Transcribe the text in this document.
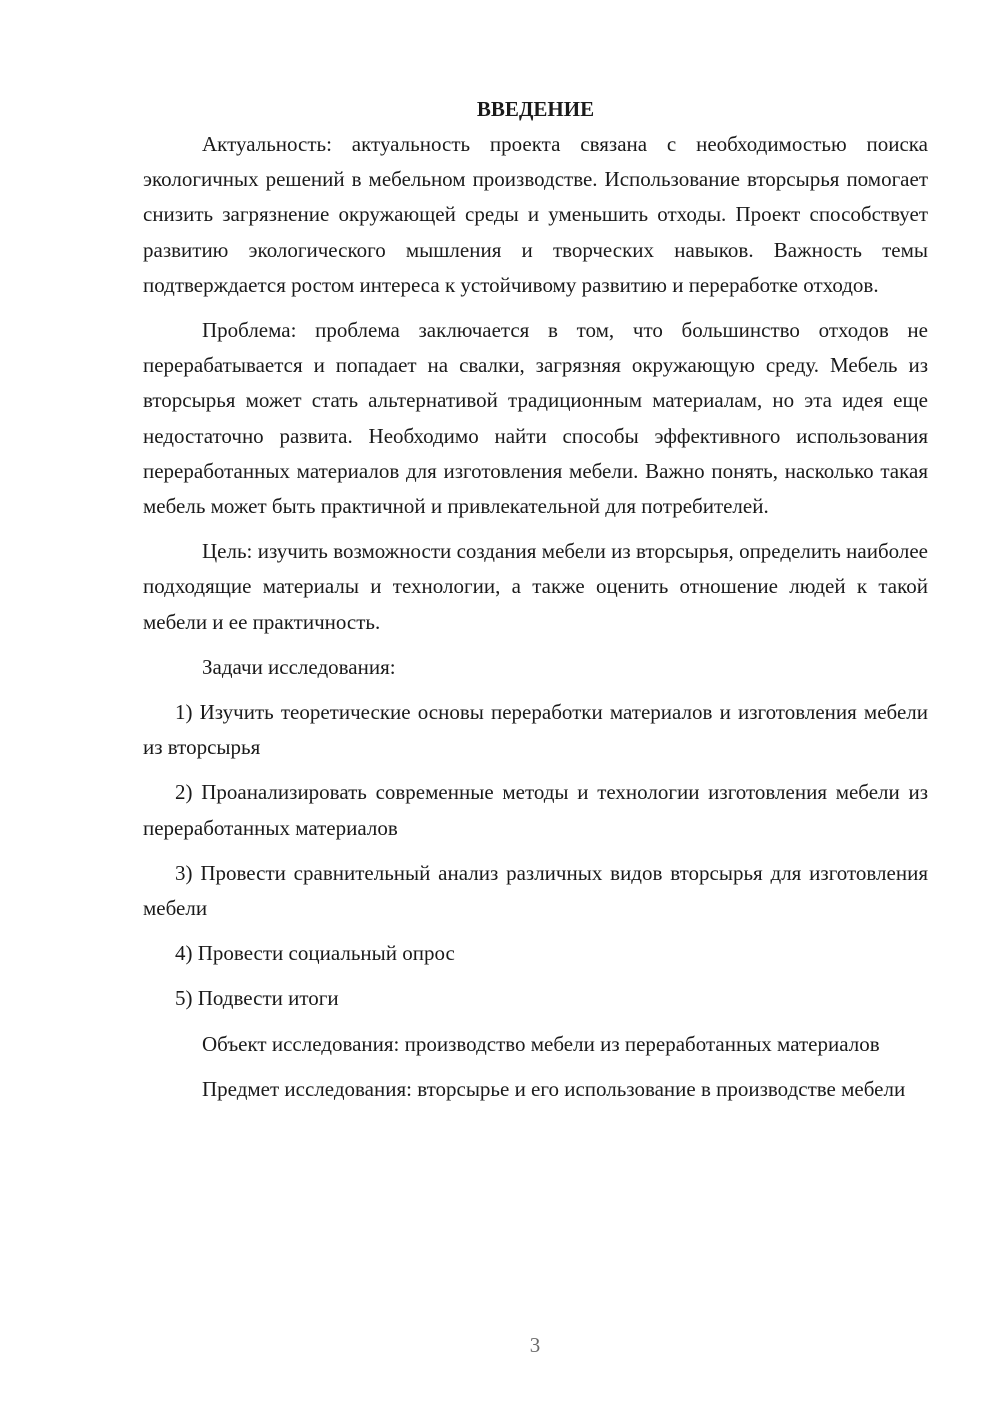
ВВЕДЕНИЕ

Актуальность: актуальность проекта связана с необходимостью поиска экологичных решений в мебельном производстве. Использование вторсырья помогает снизить загрязнение окружающей среды и уменьшить отходы. Проект способствует развитию экологического мышления и творческих навыков. Важность темы подтверждается ростом интереса к устойчивому развитию и переработке отходов.

Проблема: проблема заключается в том, что большинство отходов не перерабатывается и попадает на свалки, загрязняя окружающую среду. Мебель из вторсырья может стать альтернативой традиционным материалам, но эта идея еще недостаточно развита. Необходимо найти способы эффективного использования переработанных материалов для изготовления мебели. Важно понять, насколько такая мебель может быть практичной и привлекательной для потребителей.

Цель: изучить возможности создания мебели из вторсырья, определить наиболее подходящие материалы и технологии, а также оценить отношение людей к такой мебели и ее практичность.

Задачи исследования:

1) Изучить теоретические основы переработки материалов и изготовления мебели из вторсырья

2) Проанализировать современные методы и технологии изготовления мебели из переработанных материалов

3) Провести сравнительный анализ различных видов вторсырья для изготовления мебели

4) Провести социальный опрос

5) Подвести итоги

Объект исследования: производство мебели из переработанных материалов

Предмет исследования: вторсырье и его использование в производстве мебели

3
